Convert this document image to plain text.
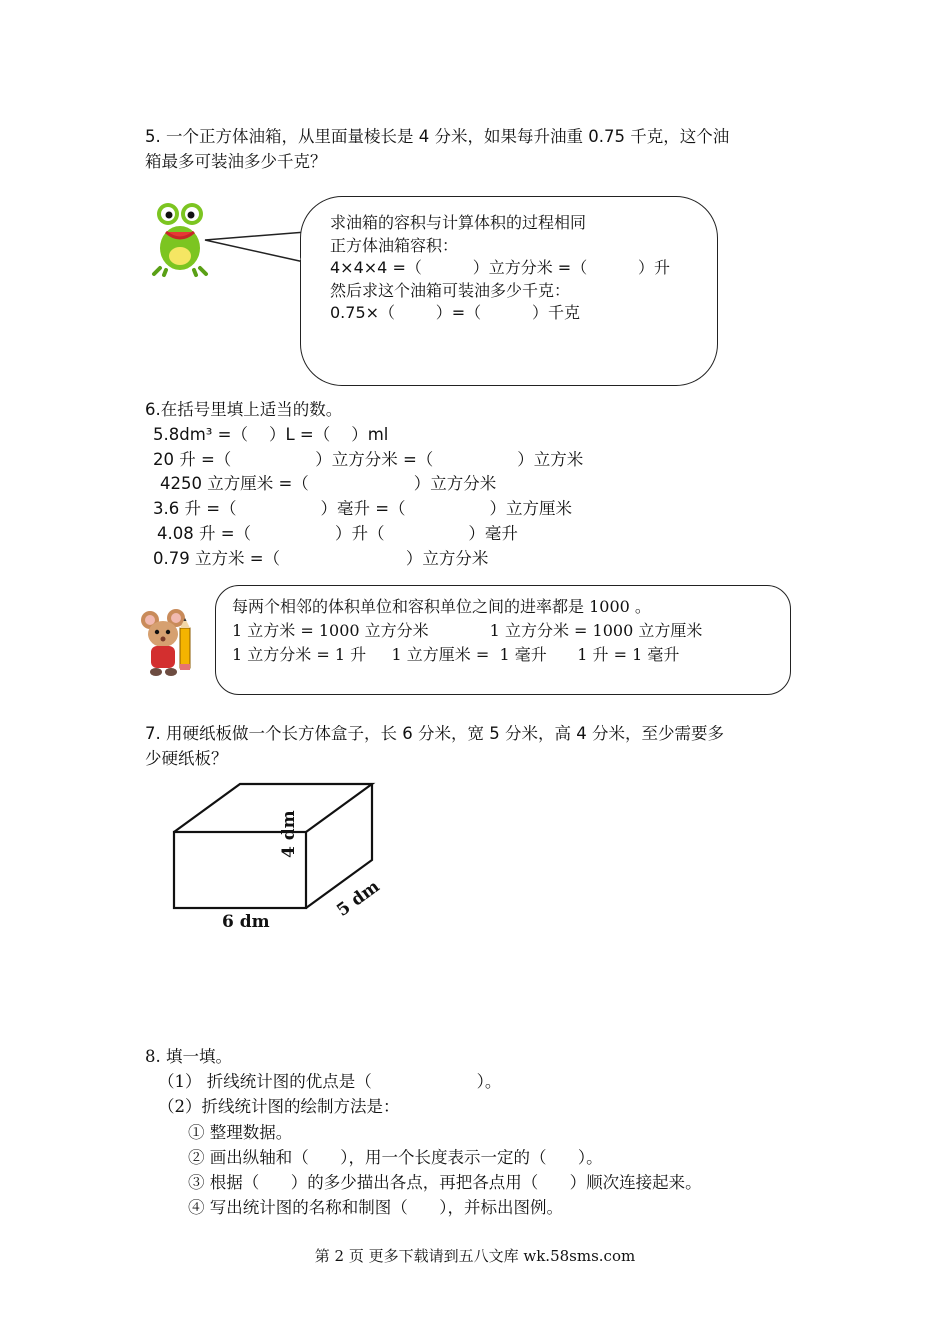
5. 一个正方体油箱，从里面量棱长是 4 分米，如果每升油重 0.75 千克，这个油
箱最多可装油多少千克？
求油箱的容积与计算体积的过程相同
正方体油箱容积：
4×4×4 =（          ）立方分米 =（          ）升
然后求这个油箱可装油多少千克：
0.75×（        ）=（          ）千克
6.在括号里填上适当的数。
5.8dm³ =（    ）L =（    ）ml
20 升 =（                ）立方分米 =（                ）立方米
4250 立方厘米 =（                    ）立方分米
3.6 升 =（                ）毫升 =（                ）立方厘米
4.08 升 =（                ）升（                ）毫升
0.79 立方米 =（                        ）立方分米
每两个相邻的体积单位和容积单位之间的进率都是 1000 。
1 立方米 = 1000 立方分米            1 立方分米 = 1000 立方厘米
1 立方分米 = 1 升     1 立方厘米 =  1 毫升      1 升 = 1 毫升
7. 用硬纸板做一个长方体盒子，长 6 分米，宽 5 分米，高 4 分米，至少需要多
少硬纸板？
6 dm
4 dm
5 dm
8. 填一填。
（1） 折线统计图的优点是（                    ）。
（2）折线统计图的绘制方法是：
① 整理数据。
② 画出纵轴和（      ），用一个长度表示一定的（      ）。
③ 根据（      ）的多少描出各点，再把各点用（      ）顺次连接起来。
④ 写出统计图的名称和制图（      ），并标出图例。
第 2 页 更多下载请到五八文库 wk.58sms.com
